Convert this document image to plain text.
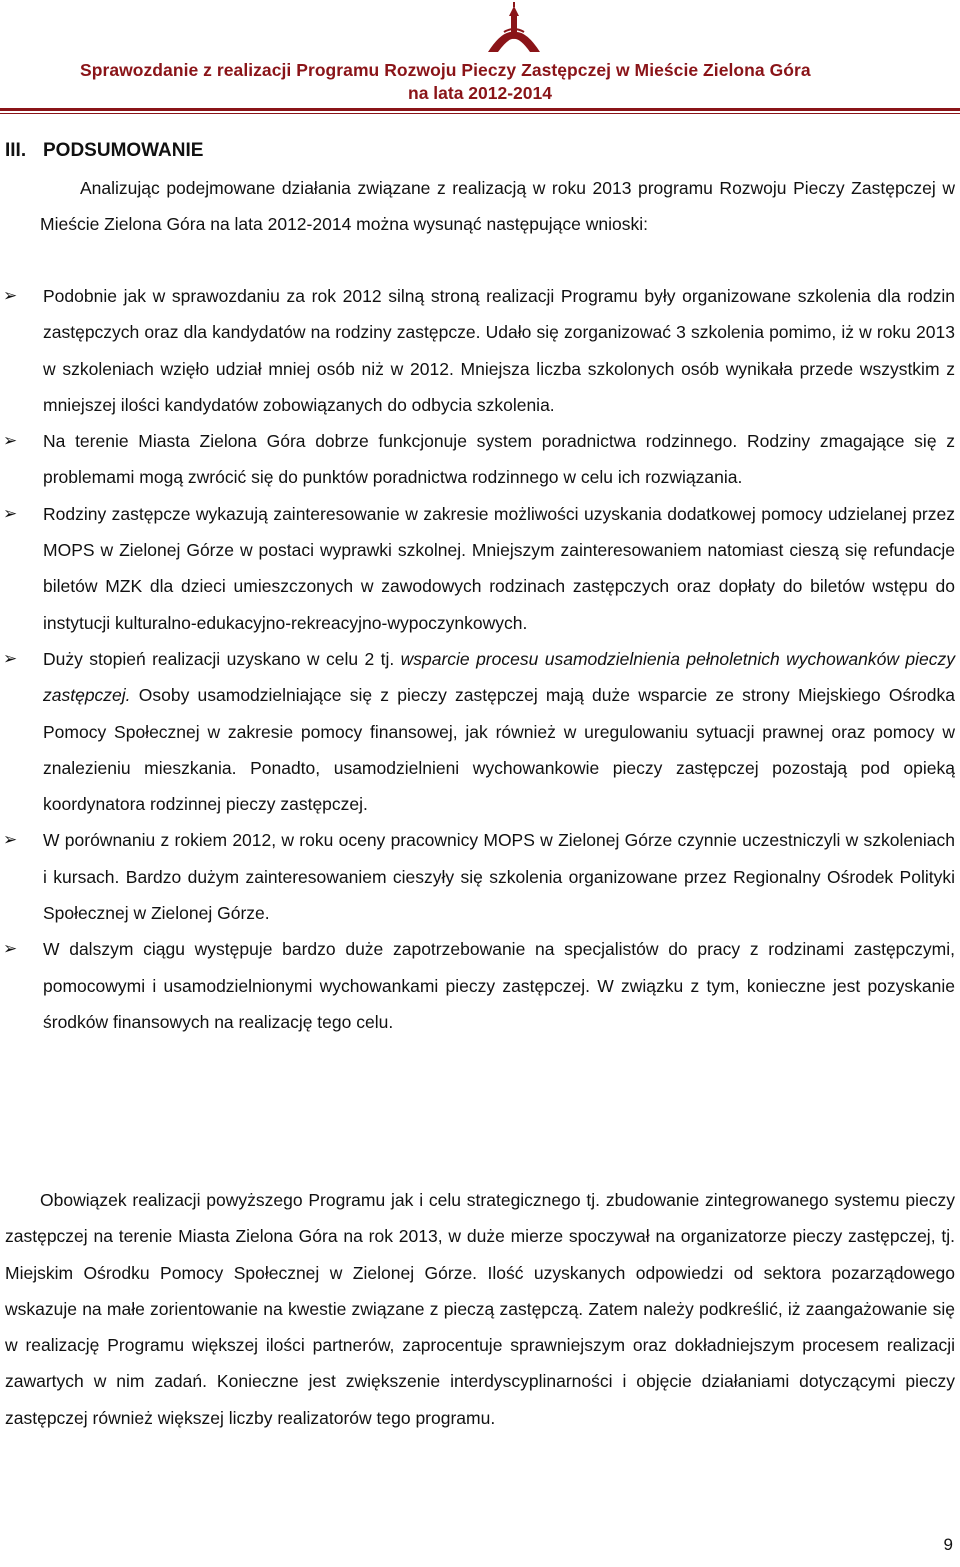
Sprawozdanie z realizacji Programu Rozwoju Pieczy Zastępczej w Mieście Zielona Góra
na lata 2012-2014
III. PODSUMOWANIE

Analizując podejmowane działania związane z realizacją w roku 2013 programu Rozwoju Pieczy Zastępczej w Mieście Zielona Góra na lata 2012-2014 można wysunąć następujące wnioski:

➢ Podobnie jak w sprawozdaniu za rok 2012 silną stroną realizacji Programu były organizowane szkolenia dla rodzin zastępczych oraz dla kandydatów na rodziny zastępcze. Udało się zorganizować 3 szkolenia pomimo, iż w roku 2013 w szkoleniach wzięło udział mniej osób niż w 2012. Mniejsza liczba szkolonych osób wynikała przede wszystkim z mniejszej ilości kandydatów zobowiązanych do odbycia szkolenia.

➢ Na terenie Miasta Zielona Góra dobrze funkcjonuje system poradnictwa rodzinnego. Rodziny zmagające się z problemami mogą zwrócić się do punktów poradnictwa rodzinnego w celu ich rozwiązania.

➢ Rodziny zastępcze wykazują zainteresowanie w zakresie możliwości uzyskania dodatkowej pomocy udzielanej przez MOPS w Zielonej Górze w postaci wyprawki szkolnej. Mniejszym zainteresowaniem natomiast cieszą się refundacje biletów MZK dla dzieci umieszczonych w zawodowych rodzinach zastępczych oraz dopłaty do biletów wstępu do instytucji kulturalno-edukacyjno-rekreacyjno-wypoczynkowych.

➢ Duży stopień realizacji uzyskano w celu 2 tj. wsparcie procesu usamodzielnienia pełnoletnich wychowanków pieczy zastępczej. Osoby usamodzielniające się z pieczy zastępczej mają duże wsparcie ze strony Miejskiego Ośrodka Pomocy Społecznej w zakresie pomocy finansowej, jak również w uregulowaniu sytuacji prawnej oraz pomocy w znalezieniu mieszkania. Ponadto, usamodzielnieni wychowankowie pieczy zastępczej pozostają pod opieką koordynatora rodzinnej pieczy zastępczej.

➢ W porównaniu z rokiem 2012, w roku oceny pracownicy MOPS w Zielonej Górze czynnie uczestniczyli w szkoleniach i kursach. Bardzo dużym zainteresowaniem cieszyły się szkolenia organizowane przez Regionalny Ośrodek Polityki Społecznej w Zielonej Górze.

➢ W dalszym ciągu występuje bardzo duże zapotrzebowanie na specjalistów do pracy z rodzinami zastępczymi, pomocowymi i usamodzielnionymi wychowankami pieczy zastępczej. W związku z tym, konieczne jest pozyskanie środków finansowych na realizację tego celu.

Obowiązek realizacji powyższego Programu jak i celu strategicznego tj. zbudowanie zintegrowanego systemu pieczy zastępczej na terenie Miasta Zielona Góra na rok 2013, w duże mierze spoczywał na organizatorze pieczy zastępczej, tj. Miejskim Ośrodku Pomocy Społecznej w Zielonej Górze. Ilość uzyskanych odpowiedzi od sektora pozarządowego wskazuje na małe zorientowanie na kwestie związane z pieczą zastępczą. Zatem należy podkreślić, iż zaangażowanie się w realizację Programu większej ilości partnerów, zaprocentuje sprawniejszym oraz dokładniejszym procesem realizacji zawartych w nim zadań. Konieczne jest zwiększenie interdyscyplinarności i objęcie działaniami dotyczącymi pieczy zastępczej również większej liczby realizatorów tego programu.

9
